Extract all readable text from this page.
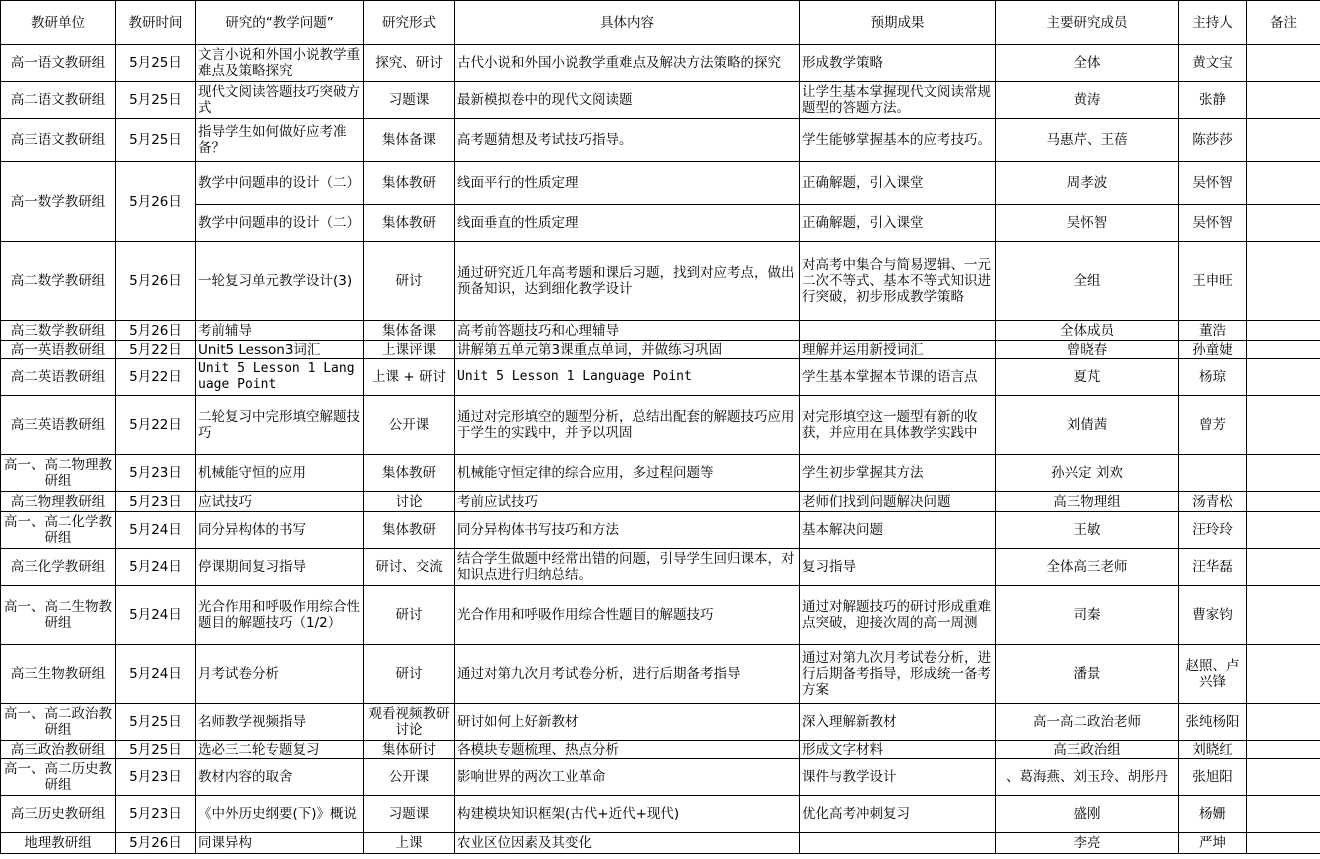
教研单位	教研时间	研究的“教学问题”	研究形式	具体内容	预期成果	主要研究成员	主持人	备注
高一语文教研组	5月25日	文言小说和外国小说教学重难点及策略探究	探究、研讨	古代小说和外国小说教学重难点及解决方法策略的探究	形成教学策略	全体	黄文宝	
高二语文教研组	5月25日	现代文阅读答题技巧突破方式	习题课	最新模拟卷中的现代文阅读题	让学生基本掌握现代文阅读常规题型的答题方法。	黄涛	张静	
高三语文教研组	5月25日	指导学生如何做好应考准备？	集体备课	高考题猜想及考试技巧指导。	学生能够掌握基本的应考技巧。	马惠芹、王蓓	陈莎莎	
高一数学教研组	5月26日	教学中问题串的设计（二）	集体教研	线面平行的性质定理	正确解题，引入课堂	周孝波	吴怀智	
		教学中问题串的设计（二）	集体教研	线面垂直的性质定理	正确解题，引入课堂	吴怀智	吴怀智	
高二数学教研组	5月26日	一轮复习单元教学设计(3)	研讨	通过研究近几年高考题和课后习题，找到对应考点，做出预备知识，达到细化教学设计	对高考中集合与简易逻辑、一元二次不等式、基本不等式知识进行突破，初步形成教学策略	全组	王申旺	
高三数学教研组	5月26日	考前辅导	集体备课	高考前答题技巧和心理辅导		全体成员	董浩	
高一英语教研组	5月22日	Unit5 Lesson3词汇	上课评课	讲解第五单元第3课重点单词，并做练习巩固	理解并运用新授词汇	曾晓春	孙童婕	
高二英语教研组	5月22日	Unit 5 Lesson 1 Language Point	上课 + 研讨	Unit 5 Lesson 1 Language Point	学生基本掌握本节课的语言点	夏芃	杨琼	
高三英语教研组	5月22日	二轮复习中完形填空解题技巧	公开课	通过对完形填空的题型分析，总结出配套的解题技巧应用于学生的实践中，并予以巩固	对完形填空这一题型有新的收获，并应用在具体教学实践中	刘倩茜	曾芳	
高一、高二物理教研组	5月23日	机械能守恒的应用	集体教研	机械能守恒定律的综合应用，多过程问题等	学生初步掌握其方法	孙兴定 刘欢		
高三物理教研组	5月23日	应试技巧	讨论	考前应试技巧	老师们找到问题解决问题	高三物理组	汤青松	
高一、高二化学教研组	5月24日	同分异构体的书写	集体教研	同分异构体书写技巧和方法	基本解决问题	王敏	汪玲玲	
高三化学教研组	5月24日	停课期间复习指导	研讨、交流	结合学生做题中经常出错的问题，引导学生回归课本，对知识点进行归纳总结。	复习指导	全体高三老师	汪华磊	
高一、高二生物教研组	5月24日	光合作用和呼吸作用综合性题目的解题技巧（1/2）	研讨	光合作用和呼吸作用综合性题目的解题技巧	通过对解题技巧的研讨形成重难点突破，迎接次周的高一周测	司秦	曹家钧	
高三生物教研组	5月24日	月考试卷分析	研讨	通过对第九次月考试卷分析，进行后期备考指导	通过对第九次月考试卷分析，进行后期备考指导，形成统一备考方案	潘景	赵照、卢兴锋	
高一、高二政治教研组	5月25日	名师教学视频指导	观看视频教研讨论	研讨如何上好新教材	深入理解新教材	高一高二政治老师	张纯杨阳	
高三政治教研组	5月25日	选必三二轮专题复习	集体研讨	各模块专题梳理、热点分析	形成文字材料	高三政治组	刘晓红	
高一、高二历史教研组	5月23日	教材内容的取舍	公开课	影响世界的两次工业革命	课件与教学设计	、葛海燕、刘玉玲、胡彤丹	张旭阳	
高三历史教研组	5月23日	《中外历史纲要(下)》概说	习题课	构建模块知识框架(古代+近代+现代)	优化高考冲刺复习	盛刚	杨姗	
地理教研组	5月26日	同课异构	上课	农业区位因素及其变化		李亮	严坤	
